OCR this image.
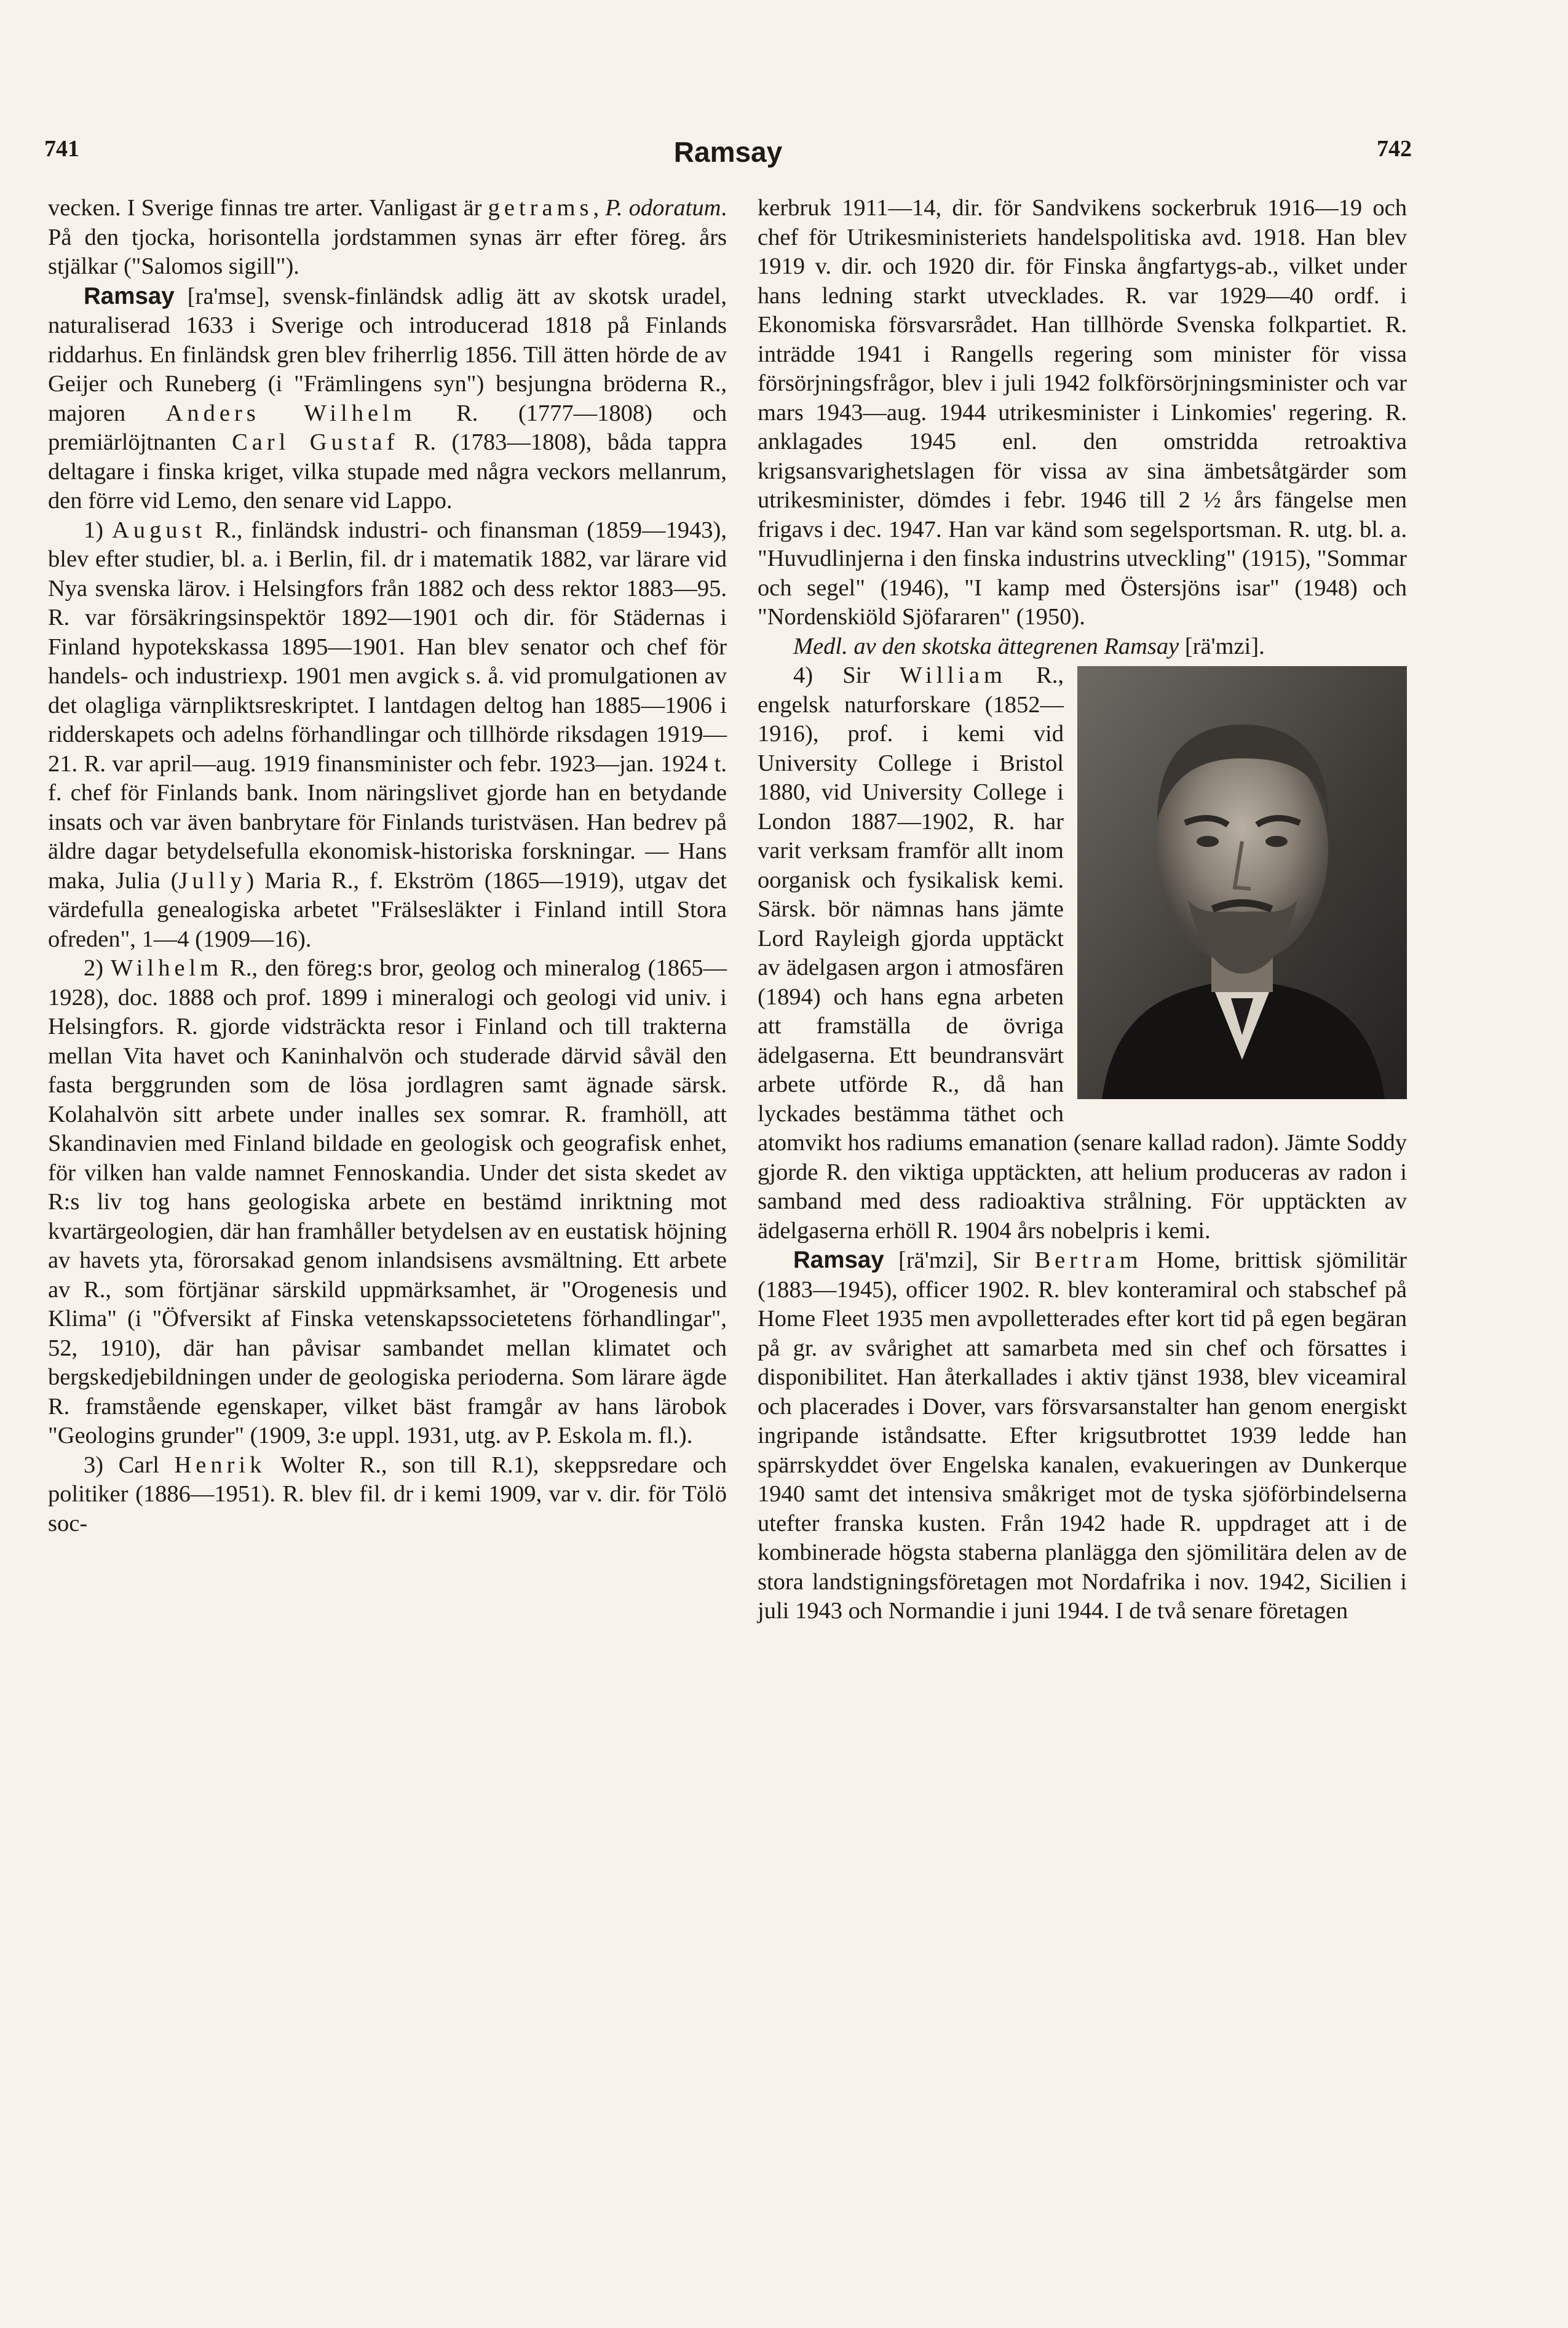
741	Ramsay	742

vecken. I Sverige finnas tre arter. Vanligast är getrams, P. odoratum. På den tjocka, horisontella jordstammen synas ärr efter föreg. års stjälkar ("Salomos sigill").

Ramsay [ra'mse], svensk-finländsk adlig ätt av skotsk uradel, naturaliserad 1633 i Sverige och introducerad 1818 på Finlands riddarhus. En finländsk gren blev friherrlig 1856. Till ätten hörde de av Geijer och Runeberg (i "Främlingens syn") besjungna bröderna R., majoren Anders Wilhelm R. (1777—1808) och premiärlöjtnanten Carl Gustaf R. (1783—1808), båda tappra deltagare i finska kriget, vilka stupade med några veckors mellanrum, den förre vid Lemo, den senare vid Lappo.

1) August R., finländsk industri- och finansman (1859—1943), blev efter studier, bl. a. i Berlin, fil. dr i matematik 1882, var lärare vid Nya svenska lärov. i Helsingfors från 1882 och dess rektor 1883—95. R. var försäkringsinspektör 1892—1901 och dir. för Städernas i Finland hypotekskassa 1895—1901. Han blev senator och chef för handels- och industriexp. 1901 men avgick s. å. vid promulgationen av det olagliga värnpliktsreskriptet. I lantdagen deltog han 1885—1906 i ridderskapets och adelns förhandlingar och tillhörde riksdagen 1919—21. R. var april—aug. 1919 finansminister och febr. 1923—jan. 1924 t. f. chef för Finlands bank. Inom näringslivet gjorde han en betydande insats och var även banbrytare för Finlands turistväsen. Han bedrev på äldre dagar betydelsefulla ekonomisk-historiska forskningar. — Hans maka, Julia (Jully) Maria R., f. Ekström (1865—1919), utgav det värdefulla genealogiska arbetet "Frälsesläkter i Finland intill Stora ofreden", 1—4 (1909—16).

2) Wilhelm R., den föreg:s bror, geolog och mineralog (1865—1928), doc. 1888 och prof. 1899 i mineralogi och geologi vid univ. i Helsingfors. R. gjorde vidsträckta resor i Finland och till trakterna mellan Vita havet och Kaninhalvön och studerade därvid såväl den fasta berggrunden som de lösa jordlagren samt ägnade särsk. Kolahalvön sitt arbete under inalles sex somrar. R. framhöll, att Skandinavien med Finland bildade en geologisk och geografisk enhet, för vilken han valde namnet Fennoskandia. Under det sista skedet av R:s liv tog hans geologiska arbete en bestämd inriktning mot kvartärgeologien, där han framhåller betydelsen av en eustatisk höjning av havets yta, förorsakad genom inlandsisens avsmältning. Ett arbete av R., som förtjänar särskild uppmärksamhet, är "Orogenesis und Klima" (i "Öfversikt af Finska vetenskapssocietetens förhandlingar", 52, 1910), där han påvisar sambandet mellan klimatet och bergskedjebildningen under de geologiska perioderna. Som lärare ägde R. framstående egenskaper, vilket bäst framgår av hans lärobok "Geologins grunder" (1909, 3:e uppl. 1931, utg. av P. Eskola m. fl.).

3) Carl Henrik Wolter R., son till R.1), skeppsredare och politiker (1886—1951). R. blev fil. dr i kemi 1909, var v. dir. för Tölö soc-

kerbruk 1911—14, dir. för Sandvikens sockerbruk 1916—19 och chef för Utrikesministeriets handelspolitiska avd. 1918. Han blev 1919 v. dir. och 1920 dir. för Finska ångfartygs-ab., vilket under hans ledning starkt utvecklades. R. var 1929—40 ordf. i Ekonomiska försvarsrådet. Han tillhörde Svenska folkpartiet. R. inträdde 1941 i Rangells regering som minister för vissa försörjningsfrågor, blev i juli 1942 folkförsörjningsminister och var mars 1943—aug. 1944 utrikesminister i Linkomies' regering. R. anklagades 1945 enl. den omstridda retroaktiva krigsansvarighetslagen för vissa av sina ämbetsåtgärder som utrikesminister, dömdes i febr. 1946 till 2 ½ års fängelse men frigavs i dec. 1947. Han var känd som segelsportsman. R. utg. bl. a. "Huvudlinjerna i den finska industrins utveckling" (1915), "Sommar och segel" (1946), "I kamp med Östersjöns isar" (1948) och "Nordenskiöld Sjöfararen" (1950).

Medl. av den skotska ättegrenen Ramsay [rä'mzi].

4) Sir William R., engelsk naturforskare (1852—1916), prof. i kemi vid University College i Bristol 1880, vid University College i London 1887—1902, R. har varit verksam framför allt inom oorganisk och fysikalisk kemi. Särsk. bör nämnas hans jämte Lord Rayleigh gjorda upptäckt av ädelgasen argon i atmosfären (1894) och hans egna arbeten att framställa de övriga ädelgaserna. Ett beundransvärt arbete utförde R., då han lyckades bestämma täthet och atomvikt hos radiums emanation (senare kallad radon). Jämte Soddy gjorde R. den viktiga upptäckten, att helium produceras av radon i samband med dess radioaktiva strålning. För upptäckten av ädelgaserna erhöll R. 1904 års nobelpris i kemi.

Ramsay [rä'mzi], Sir Bertram Home, brittisk sjömilitär (1883—1945), officer 1902. R. blev konteramiral och stabschef på Home Fleet 1935 men avpolletterades efter kort tid på egen begäran på gr. av svårighet att samarbeta med sin chef och försattes i disponibilitet. Han återkallades i aktiv tjänst 1938, blev viceamiral och placerades i Dover, vars försvarsanstalter han genom energiskt ingripande iståndsatte. Efter krigsutbrottet 1939 ledde han spärrskyddet över Engelska kanalen, evakueringen av Dunkerque 1940 samt det intensiva småkriget mot de tyska sjöförbindelserna utefter franska kusten. Från 1942 hade R. uppdraget att i de kombinerade högsta staberna planlägga den sjömilitära delen av de stora landstigningsföretagen mot Nordafrika i nov. 1942, Sicilien i juli 1943 och Normandie i juni 1944. I de två senare företagen
